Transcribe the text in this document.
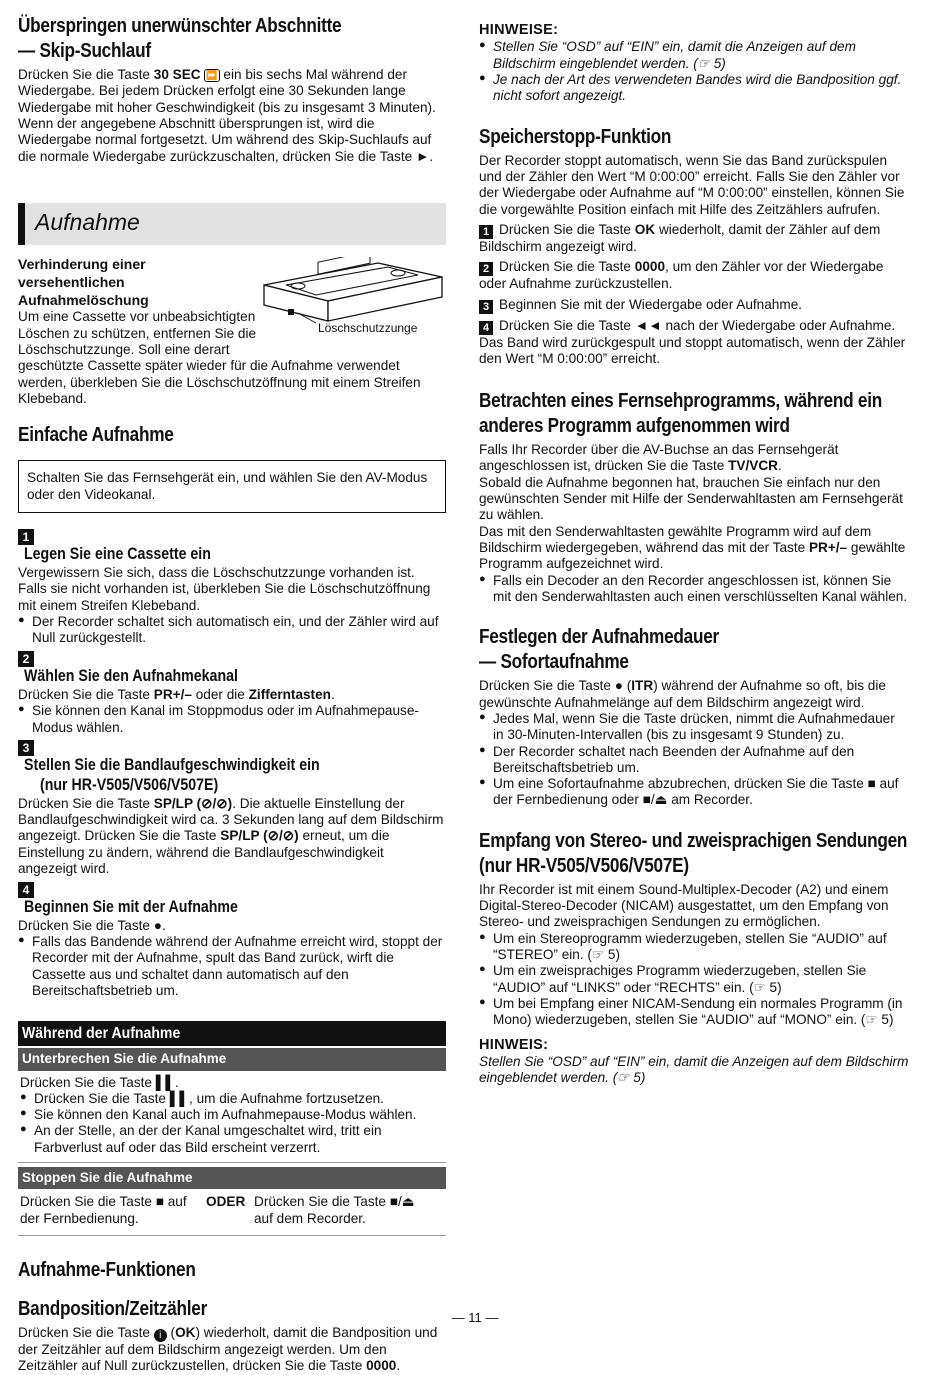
Überspringen unerwünschter Abschnitte
— Skip-Suchlauf

Drücken Sie die Taste 30 SEC ⏩ ein bis sechs Mal während der Wiedergabe. Bei jedem Drücken erfolgt eine 30 Sekunden lange Wiedergabe mit hoher Geschwindigkeit (bis zu insgesamt 3 Minuten). Wenn der angegebene Abschnitt übersprungen ist, wird die Wiedergabe normal fortgesetzt. Um während des Skip-Suchlaufs auf die normale Wiedergabe zurückzuschalten, drücken Sie die Taste ►.

Aufnahme
Löschschutzzunge
Verhinderung einer versehentlichen Aufnahmelöschung

Um eine Cassette vor unbeabsichtigten Löschen zu schützen, entfernen Sie die Löschschutzzunge. Soll eine derart

geschützte Cassette später wieder für die Aufnahme verwendet werden, überkleben Sie die Löschschutzöffnung mit einem Streifen Klebeband.

Einfache Aufnahme
Schalten Sie das Fernsehgerät ein, und wählen Sie den AV-Modus oder den Videokanal.
1Legen Sie eine Cassette ein

Vergewissern Sie sich, dass die Löschschutzzunge vorhanden ist. Falls sie nicht vorhanden ist, überkleben Sie die Löschschutzöffnung mit einem Streifen Klebeband.

● Der Recorder schaltet sich automatisch ein, und der Zähler wird auf Null zurückgestellt.
2Wählen Sie den Aufnahmekanal

Drücken Sie die Taste PR+/– oder die Zifferntasten.

● Sie können den Kanal im Stoppmodus oder im Aufnahmepause-Modus wählen.
3Stellen Sie die Bandlaufgeschwindigkeit ein
(nur HR-V505/V506/V507E)

Drücken Sie die Taste SP/LP (⊘/⊘). Die aktuelle Einstellung der Bandlaufgeschwindigkeit wird ca. 3 Sekunden lang auf dem Bildschirm angezeigt. Drücken Sie die Taste SP/LP (⊘/⊘) erneut, um die Einstellung zu ändern, während die Bandlaufgeschwindigkeit angezeigt wird.

4Beginnen Sie mit der Aufnahme

Drücken Sie die Taste ●.

● Falls das Bandende während der Aufnahme erreicht wird, stoppt der Recorder mit der Aufnahme, spult das Band zurück, wirft die Cassette aus und schaltet dann automatisch auf den Bereitschaftsbetrieb um.
Während der Aufnahme
Unterbrechen Sie die Aufnahme

Drücken Sie die Taste ▌▌.

● Drücken Sie die Taste ▌▌, um die Aufnahme fortzusetzen.
● Sie können den Kanal auch im Aufnahmepause-Modus wählen.
● An der Stelle, an der der Kanal umgeschaltet wird, tritt ein Farbverlust auf oder das Bild erscheint verzerrt.
Stoppen Sie die Aufnahme
Drücken Sie die Taste ■ auf der Fernbedienung.
ODER Drücken Sie die Taste ■/⏏ auf dem Recorder.
Aufnahme-Funktionen
Bandposition/Zeitzähler

Drücken Sie die Taste i (OK) wiederholt, damit die Bandposition und der Zeitzähler auf dem Bildschirm angezeigt werden. Um den Zeitzähler auf Null zurückzustellen, drücken Sie die Taste 0000.

HINWEISE:
● Stellen Sie “OSD” auf “EIN” ein, damit die Anzeigen auf dem Bildschirm eingeblendet werden. (☞ 5)
● Je nach der Art des verwendeten Bandes wird die Bandposition ggf. nicht sofort angezeigt.
Speicherstopp-Funktion

Der Recorder stoppt automatisch, wenn Sie das Band zurückspulen und der Zähler den Wert “M 0:00:00” erreicht. Falls Sie den Zähler vor der Wiedergabe oder Aufnahme auf “M 0:00:00” einstellen, können Sie die vorgewählte Position einfach mit Hilfe des Zeitzählers aufrufen.

1 Drücken Sie die Taste OK wiederholt, damit der Zähler auf dem Bildschirm angezeigt wird.

2 Drücken Sie die Taste 0000, um den Zähler vor der Wiedergabe oder Aufnahme zurückzustellen.

3 Beginnen Sie mit der Wiedergabe oder Aufnahme.

4 Drücken Sie die Taste ◄◄ nach der Wiedergabe oder Aufnahme. Das Band wird zurückgespult und stoppt automatisch, wenn der Zähler den Wert “M 0:00:00” erreicht.

Betrachten eines Fernsehprogramms, während ein
anderes Programm aufgenommen wird

Falls Ihr Recorder über die AV-Buchse an das Fernsehgerät angeschlossen ist, drücken Sie die Taste TV/VCR.

Sobald die Aufnahme begonnen hat, brauchen Sie einfach nur den gewünschten Sender mit Hilfe der Senderwahltasten am Fernsehgerät zu wählen.

Das mit den Senderwahltasten gewählte Programm wird auf dem Bildschirm wiedergegeben, während das mit der Taste PR+/– gewählte Programm aufgezeichnet wird.

● Falls ein Decoder an den Recorder angeschlossen ist, können Sie mit den Senderwahltasten auch einen verschlüsselten Kanal wählen.
Festlegen der Aufnahmedauer
— Sofortaufnahme

Drücken Sie die Taste ● (ITR) während der Aufnahme so oft, bis die gewünschte Aufnahmelänge auf dem Bildschirm angezeigt wird.

● Jedes Mal, wenn Sie die Taste drücken, nimmt die Aufnahmedauer in 30-Minuten-Intervallen (bis zu insgesamt 9 Stunden) zu.
● Der Recorder schaltet nach Beenden der Aufnahme auf den Bereitschaftsbetrieb um.
● Um eine Sofortaufnahme abzubrechen, drücken Sie die Taste ■ auf der Fernbedienung oder ■/⏏ am Recorder.
Empfang von Stereo- und zweisprachigen Sendungen
(nur HR-V505/V506/V507E)

Ihr Recorder ist mit einem Sound-Multiplex-Decoder (A2) und einem Digital-Stereo-Decoder (NICAM) ausgestattet, um den Empfang von Stereo- und zweisprachigen Sendungen zu ermöglichen.

● Um ein Stereoprogramm wiederzugeben, stellen Sie “AUDIO” auf “STEREO” ein. (☞ 5)
● Um ein zweisprachiges Programm wiederzugeben, stellen Sie “AUDIO” auf “LINKS” oder “RECHTS” ein. (☞ 5)
● Um bei Empfang einer NICAM-Sendung ein normales Programm (in Mono) wiederzugeben, stellen Sie “AUDIO” auf “MONO” ein. (☞ 5)
HINWEIS:

Stellen Sie “OSD” auf “EIN” ein, damit die Anzeigen auf dem Bildschirm eingeblendet werden. (☞ 5)

— 11 —
